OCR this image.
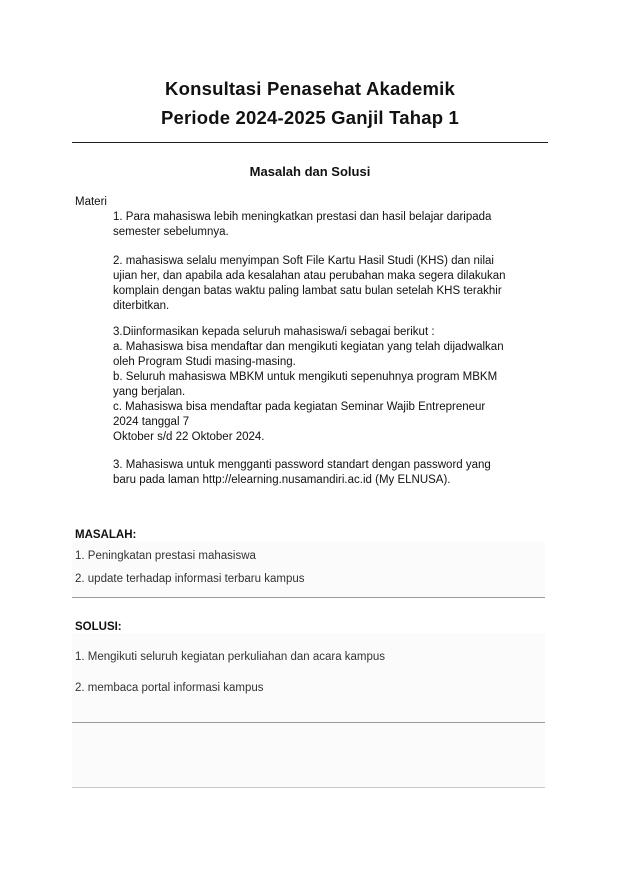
Konsultasi Penasehat Akademik
Periode 2024-2025 Ganjil Tahap 1
Masalah dan Solusi
Materi

1. Para mahasiswa lebih meningkatkan prestasi dan hasil belajar daripada
semester sebelumnya.

2. mahasiswa selalu menyimpan Soft File Kartu Hasil Studi (KHS) dan nilai
ujian her, dan apabila ada kesalahan atau perubahan maka segera dilakukan
komplain dengan batas waktu paling lambat satu bulan setelah KHS terakhir
diterbitkan.

3.Diinformasikan kepada seluruh mahasiswa/i sebagai berikut :
a. Mahasiswa bisa mendaftar dan mengikuti kegiatan yang telah dijadwalkan
oleh Program Studi masing-masing.
b. Seluruh mahasiswa MBKM untuk mengikuti sepenuhnya program MBKM
yang berjalan.
c. Mahasiswa bisa mendaftar pada kegiatan Seminar Wajib Entrepreneur
2024 tanggal 7
Oktober s/d 22 Oktober 2024.

3. Mahasiswa untuk mengganti password standart dengan password yang
baru pada laman http://elearning.nusamandiri.ac.id (My ELNUSA).

MASALAH:
1. Peningkatan prestasi mahasiswa
2. update terhadap informasi terbaru kampus
SOLUSI:
1. Mengikuti seluruh kegiatan perkuliahan dan acara kampus
2. membaca portal informasi kampus
